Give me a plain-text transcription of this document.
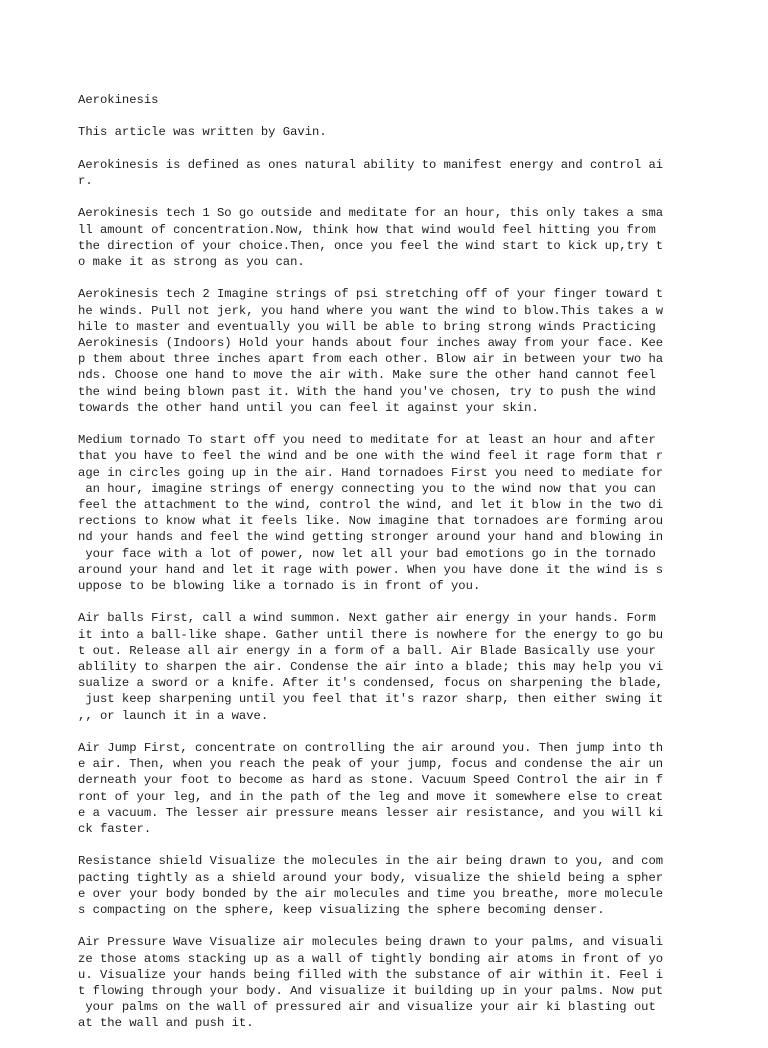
Aerokinesis
This article was written by Gavin.
Aerokinesis is defined as ones natural ability to manifest energy and control ai
r.
Aerokinesis tech 1 So go outside and meditate for an hour, this only takes a sma
ll amount of concentration.Now, think how that wind would feel hitting you from
the direction of your choice.Then, once you feel the wind start to kick up,try t
o make it as strong as you can.
Aerokinesis tech 2 Imagine strings of psi stretching off of your finger toward t
he winds. Pull not jerk, you hand where you want the wind to blow.This takes a w
hile to master and eventually you will be able to bring strong winds Practicing
Aerokinesis (Indoors) Hold your hands about four inches away from your face. Kee
p them about three inches apart from each other. Blow air in between your two ha
nds. Choose one hand to move the air with. Make sure the other hand cannot feel
the wind being blown past it. With the hand you've chosen, try to push the wind
towards the other hand until you can feel it against your skin.
Medium tornado To start off you need to meditate for at least an hour and after
that you have to feel the wind and be one with the wind feel it rage form that r
age in circles going up in the air. Hand tornadoes First you need to mediate for
an hour, imagine strings of energy connecting you to the wind now that you can
feel the attachment to the wind, control the wind, and let it blow in the two di
rections to know what it feels like. Now imagine that tornadoes are forming arou
nd your hands and feel the wind getting stronger around your hand and blowing in
your face with a lot of power, now let all your bad emotions go in the tornado
around your hand and let it rage with power. When you have done it the wind is s
uppose to be blowing like a tornado is in front of you.
Air balls First, call a wind summon. Next gather air energy in your hands. Form
it into a ball-like shape. Gather until there is nowhere for the energy to go bu
t out. Release all air energy in a form of a ball. Air Blade Basically use your
ablility to sharpen the air. Condense the air into a blade; this may help you vi
sualize a sword or a knife. After it's condensed, focus on sharpening the blade,
just keep sharpening until you feel that it's razor sharp, then either swing it
,, or launch it in a wave.
Air Jump First, concentrate on controlling the air around you. Then jump into th
e air. Then, when you reach the peak of your jump, focus and condense the air un
derneath your foot to become as hard as stone. Vacuum Speed Control the air in f
ront of your leg, and in the path of the leg and move it somewhere else to creat
e a vacuum. The lesser air pressure means lesser air resistance, and you will ki
ck faster.
Resistance shield Visualize the molecules in the air being drawn to you, and com
pacting tightly as a shield around your body, visualize the shield being a spher
e over your body bonded by the air molecules and time you breathe, more molecule
s compacting on the sphere, keep visualizing the sphere becoming denser.
Air Pressure Wave Visualize air molecules being drawn to your palms, and visuali
ze those atoms stacking up as a wall of tightly bonding air atoms in front of yo
u. Visualize your hands being filled with the substance of air within it. Feel i
t flowing through your body. And visualize it building up in your palms. Now put
your palms on the wall of pressured air and visualize your air ki blasting out
at the wall and push it.
